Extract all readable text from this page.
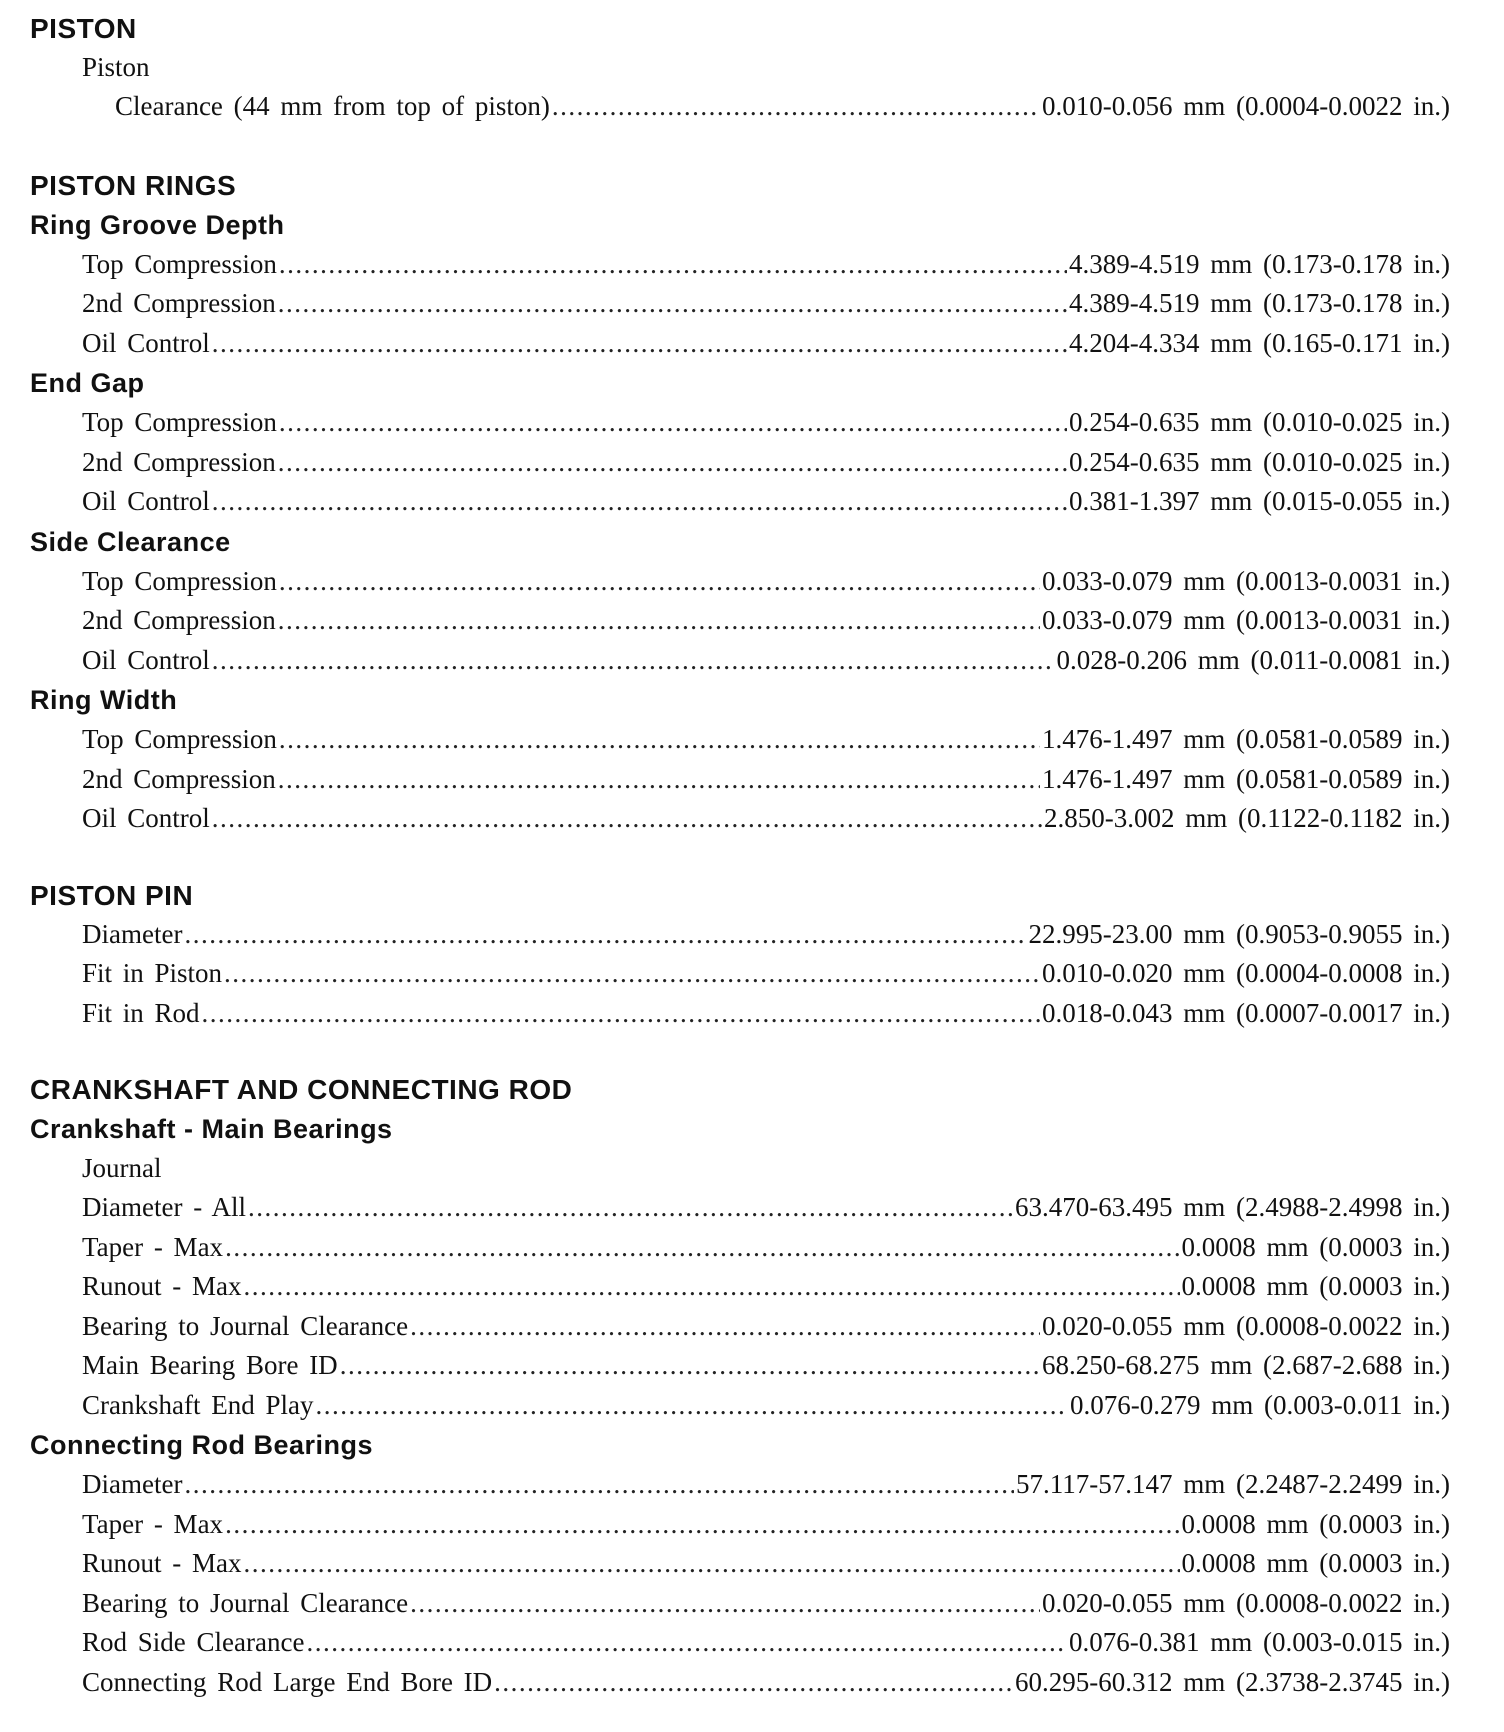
PISTON
Piston
Clearance (44 mm from top of piston) .....	0.010-0.056 mm (0.0004-0.0022 in.)
PISTON RINGS
Ring Groove Depth
Top Compression .....	4.389-4.519 mm (0.173-0.178 in.)
2nd Compression .....	4.389-4.519 mm (0.173-0.178 in.)
Oil Control .....	4.204-4.334 mm (0.165-0.171 in.)
End Gap
Top Compression .....	0.254-0.635 mm (0.010-0.025 in.)
2nd Compression .....	0.254-0.635 mm (0.010-0.025 in.)
Oil Control .....	0.381-1.397 mm (0.015-0.055 in.)
Side Clearance
Top Compression .....	0.033-0.079 mm (0.0013-0.0031 in.)
2nd Compression .....	0.033-0.079 mm (0.0013-0.0031 in.)
Oil Control .....	0.028-0.206 mm (0.011-0.0081 in.)
Ring Width
Top Compression .....	1.476-1.497 mm (0.0581-0.0589 in.)
2nd Compression .....	1.476-1.497 mm (0.0581-0.0589 in.)
Oil Control .....	2.850-3.002 mm (0.1122-0.1182 in.)
PISTON PIN
Diameter .....	22.995-23.00 mm (0.9053-0.9055 in.)
Fit in Piston .....	0.010-0.020 mm (0.0004-0.0008 in.)
Fit in Rod .....	0.018-0.043 mm (0.0007-0.0017 in.)
CRANKSHAFT AND CONNECTING ROD
Crankshaft - Main Bearings
Journal
Diameter - All .....	63.470-63.495 mm (2.4988-2.4998 in.)
Taper - Max .....	0.0008 mm (0.0003 in.)
Runout - Max .....	0.0008 mm (0.0003 in.)
Bearing to Journal Clearance .....	0.020-0.055 mm (0.0008-0.0022 in.)
Main Bearing Bore ID .....	68.250-68.275 mm (2.687-2.688 in.)
Crankshaft End Play .....	0.076-0.279 mm (0.003-0.011 in.)
Connecting Rod Bearings
Diameter .....	57.117-57.147 mm (2.2487-2.2499 in.)
Taper - Max .....	0.0008 mm (0.0003 in.)
Runout - Max .....	0.0008 mm (0.0003 in.)
Bearing to Journal Clearance .....	0.020-0.055 mm (0.0008-0.0022 in.)
Rod Side Clearance .....	0.076-0.381 mm (0.003-0.015 in.)
Connecting Rod Large End Bore ID .....	60.295-60.312 mm (2.3738-2.3745 in.)
